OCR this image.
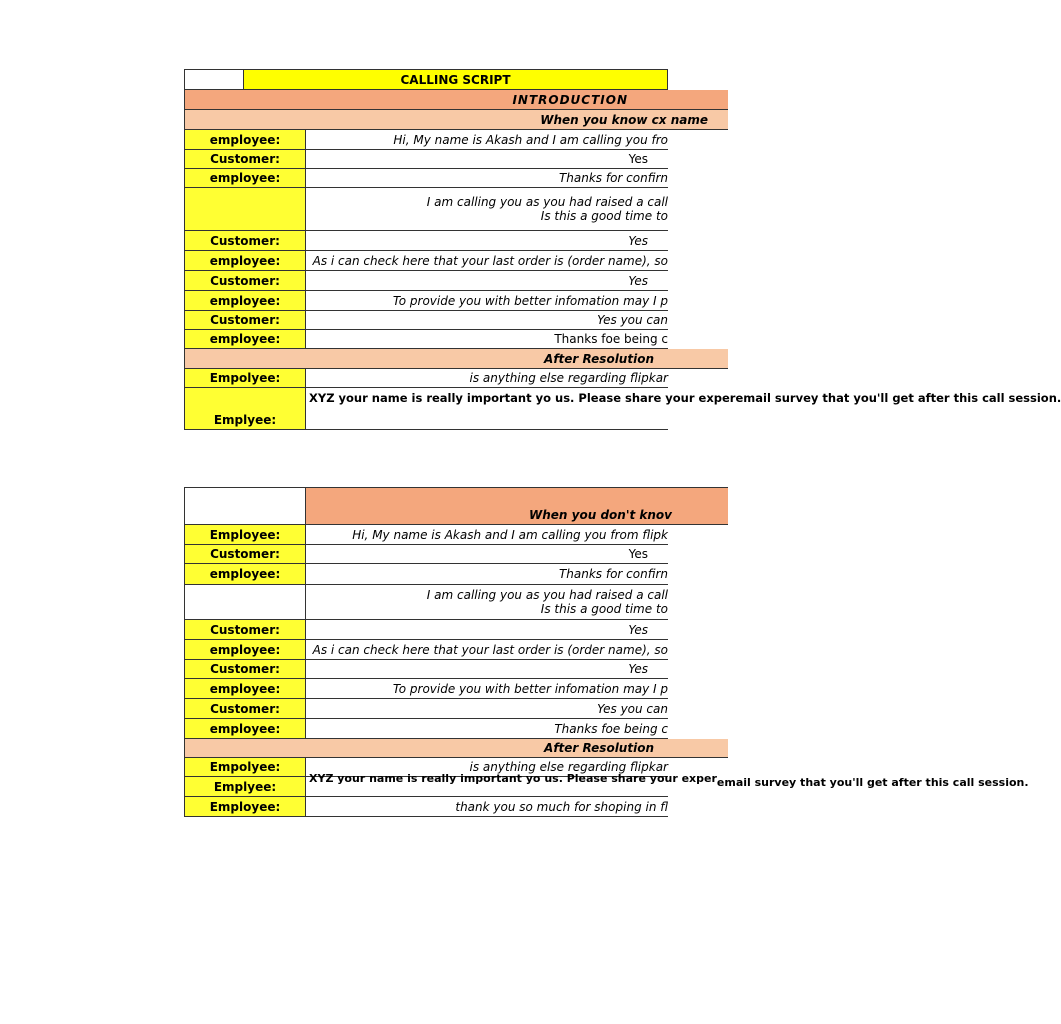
CALLING SCRIPT
INTRODUCTION
When you know cx name
employee:	Hi, My name is Akash and I am calling you fro
Customer:	Yes
employee:	Thanks for confirn
I am calling you as you had raised a call
Is this a good time to
Customer:	Yes
employee:	As i can check here that your last order is (order name), so
Customer:	Yes
employee:	To provide you with better infomation may I p
Customer:	Yes you can
employee:	Thanks foe being c
After Resolution
Empolyee:	is anything else regarding flipkar
Emplyee:
XYZ your name is really important yo us. Please share your exper email survey that you'll get after this call session.
When you don't knov
Employee:	Hi, My name is Akash and I am calling you from flipk
Customer:	Yes
employee:	Thanks for confirn
I am calling you as you had raised a call
Is this a good time to
Customer:	Yes
employee:	As i can check here that your last order is (order name), so
Customer:	Yes
employee:	To provide you with better infomation may I p
Customer:	Yes you can
employee:	Thanks foe being c
After Resolution
Empolyee:	is anything else regarding flipkar
Emplyee:
XYZ your name is really important yo us. Please share your exper email survey that you'll get after this call session.
Employee:	thank you so much for shoping in fl
